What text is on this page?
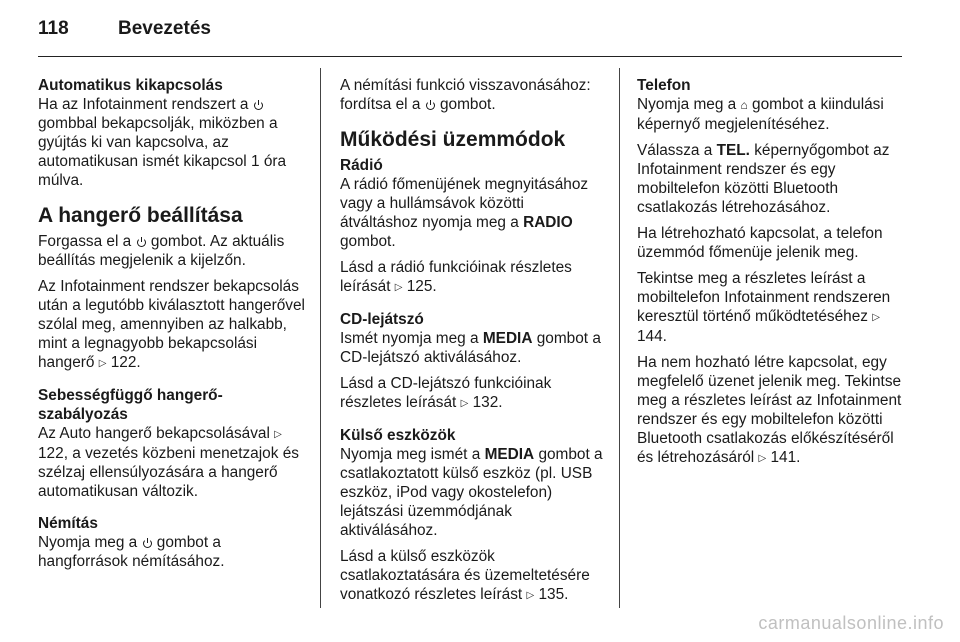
118	Bevezetés
Automatikus kikapcsolás
Ha az Infotainment rendszert a  gombbal bekapcsolják, miközben a gyújtás ki van kapcsolva, az automatikusan ismét kikapcsol 1 óra múlva.
A hangerő beállítása

Forgassa el a gombot. Az aktuális beállítás megjelenik a kijelzőn.

Az Infotainment rendszer bekapcsolás után a legutóbb kiválasztott hangerővel szólal meg, amennyiben az halkabb, mint a legnagyobb bekapcsolási hangerő ▷ 122.

Sebességfüggő hangerő-szabályozás
Az Auto hangerő bekapcsolásával ▷ 122, a vezetés közbeni menetzajok és szélzaj ellensúlyozására a hangerő automatikusan változik.
Némítás
Nyomja meg a gombot a hangforrások némításához.

A némítási funkció visszavonásához: fordítsa el a gombot.

Működési üzemmódok
Rádió

A rádió főmenüjének megnyitásához vagy a hullámsávok közötti átváltáshoz nyomja meg a RADIO gombot.

Lásd a rádió funkcióinak részletes leírását ▷ 125.

CD-lejátszó

Ismét nyomja meg a MEDIA gombot a CD-lejátszó aktiválásához.

Lásd a CD-lejátszó funkcióinak részletes leírását ▷ 132.

Külső eszközök

Nyomja meg ismét a MEDIA gombot a csatlakoztatott külső eszköz (pl. USB eszköz, iPod vagy okostelefon) lejátszási üzemmódjának aktiválásához.

Lásd a külső eszközök csatlakoztatására és üzemeltetésére vonatkozó részletes leírást ▷ 135.

Telefon

Nyomja meg a ⌂ gombot a kiindulási képernyő megjelenítéséhez.

Válassza a TEL. képernyőgombot az Infotainment rendszer és egy mobiltelefon közötti Bluetooth csatlakozás létrehozásához.

Ha létrehozható kapcsolat, a telefon üzemmód főmenüje jelenik meg.

Tekintse meg a részletes leírást a mobiltelefon Infotainment rendszeren keresztül történő működtetéséhez ▷ 144.

Ha nem hozható létre kapcsolat, egy megfelelő üzenet jelenik meg. Tekintse meg a részletes leírást az Infotainment rendszer és egy mobiltelefon közötti Bluetooth csatlakozás előkészítéséről és létrehozásáról ▷ 141.

carmanualsonline.info
